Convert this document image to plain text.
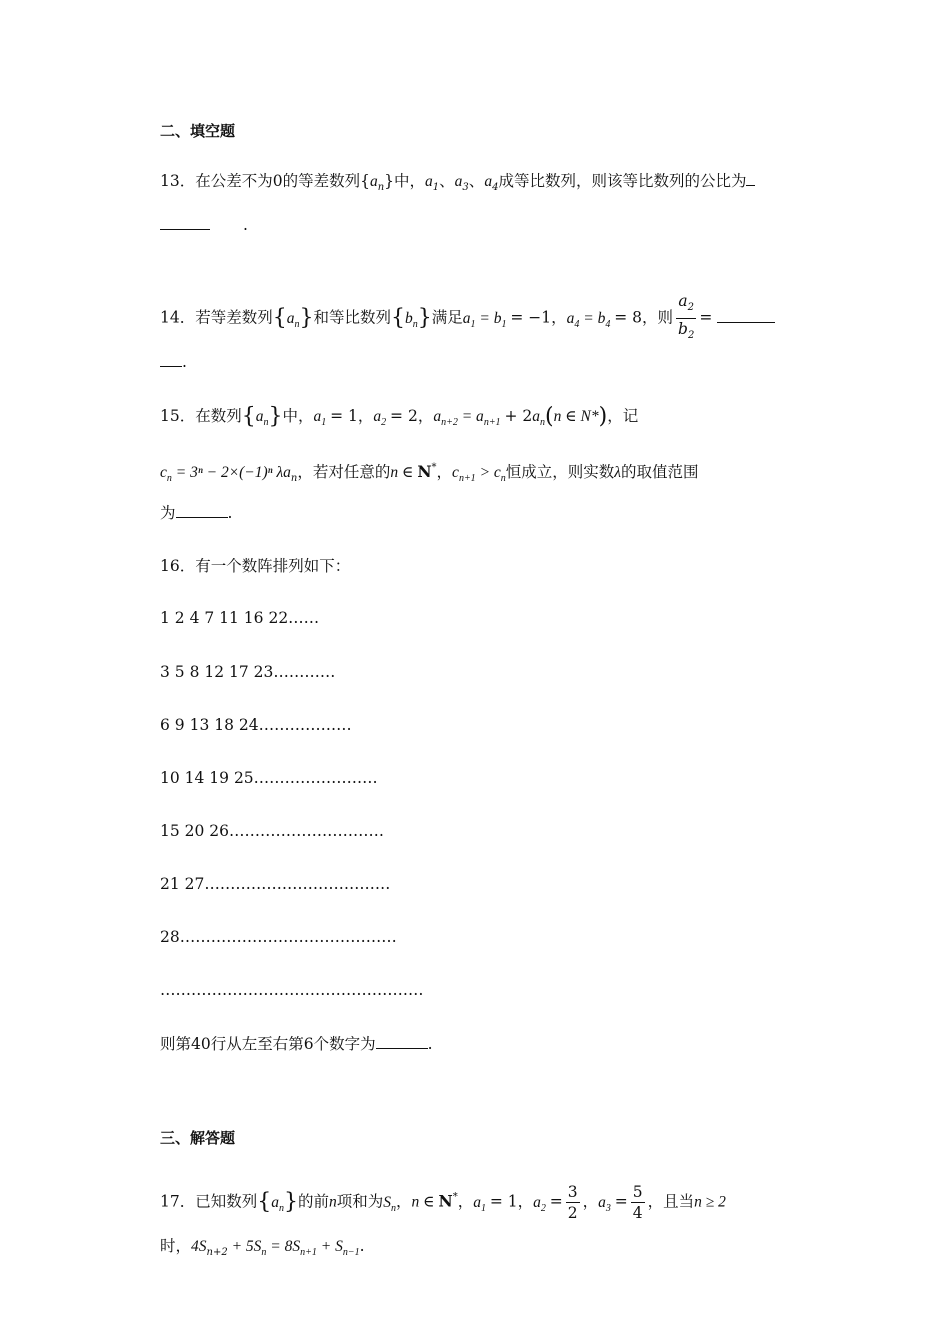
二、填空题
13．在公差不为0的等差数列$\{a_n\}$中，$a_1$、$a_3$、$a_4$成等比数列，则该等比数列的公比为
.
14．若等差数列$\{a_n\}$和等比数列$\{b_n\}$满足$a_1 = b_1 = -1$，$a_4 = b_4 = 8$，则 $\frac{a_2}{b_2}$ =
.
15．在数列$\{a_n\}$中，$a_1 = 1$，$a_2 = 2$，$a_{n+2} = a_{n+1} + 2a_n(n$ ∈ N*)，记
$c_n = 3^n - 2\times(-1)^n$ $\lambda a_n$，若对任意的n ∈ N*，$c_{n+1} > c_n$恒成立，则实数λ的取值范围
为	.
16．有一个数阵排列如下：
1 2 4 7 11 16 22……
3 5 8 12 17 23…………
6 9 13 18 24………………
10 14 19 25……………………
15 20 26…………………………
21 27………………………………
28……………………………………
……………………………………………
则第40行从左至右第6个数字为	.
三、解答题
17．已知数列$\{a_n\}$的前n项和为$S_n$，n ∈ N*，$a_1 = 1$，$a_2 = \frac{3}{2}$ ，$a_3 = \frac{5}{4}$ ，且当n ≥ 2
时，$4S_{n+2} + 5S_n = 8S_{n+1} + S_{n-1}$.
